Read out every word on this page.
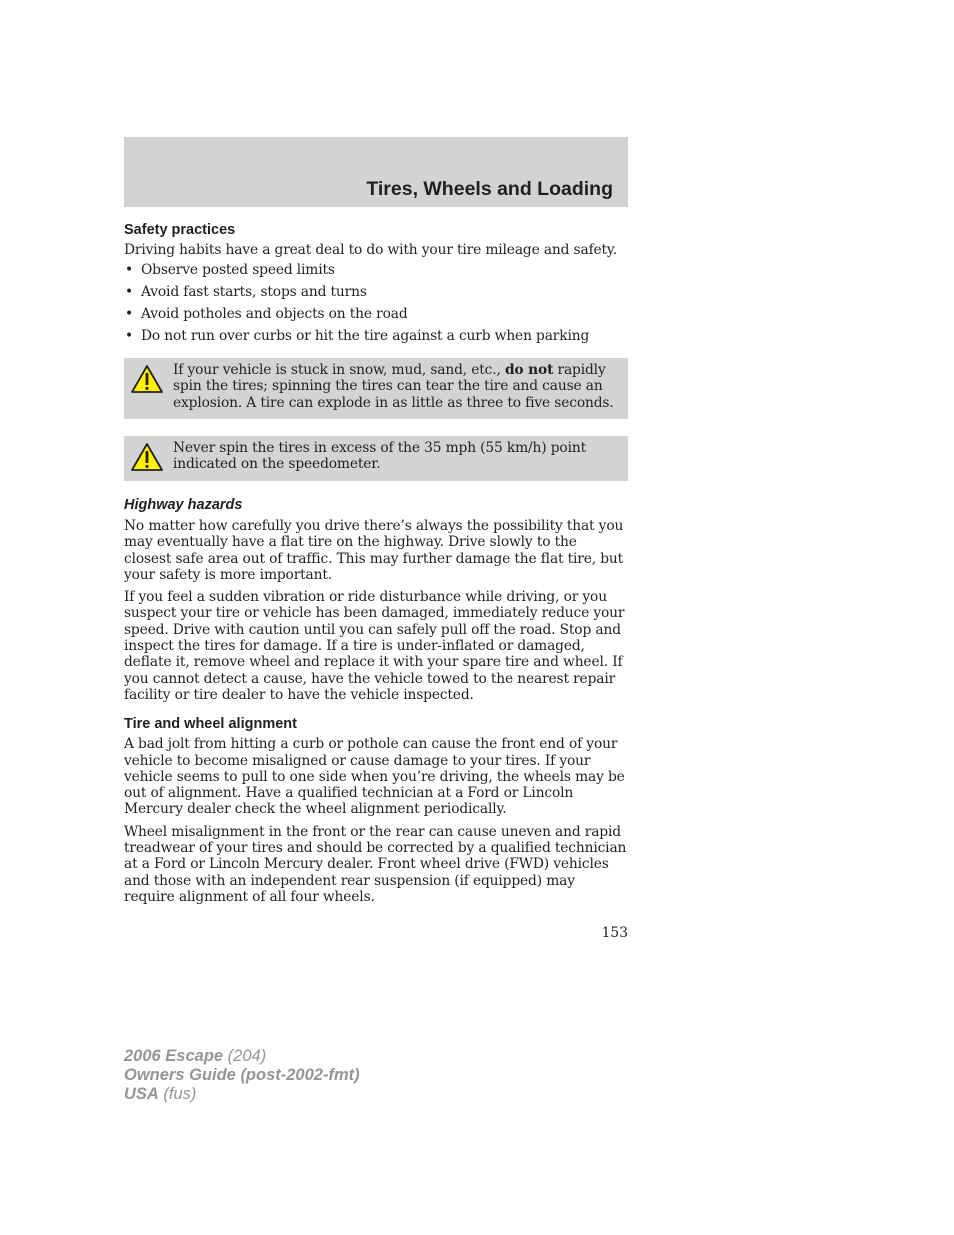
Tires, Wheels and Loading
Safety practices

Driving habits have a great deal to do with your tire mileage and safety.

• Observe posted speed limits
• Avoid fast starts, stops and turns
• Avoid potholes and objects on the road
• Do not run over curbs or hit the tire against a curb when parking

If your vehicle is stuck in snow, mud, sand, etc., do not rapidly spin the tires; spinning the tires can tear the tire and cause an explosion. A tire can explode in as little as three to five seconds.

Never spin the tires in excess of the 35 mph (55 km/h) point indicated on the speedometer.

Highway hazards

No matter how carefully you drive there’s always the possibility that you may eventually have a flat tire on the highway. Drive slowly to the closest safe area out of traffic. This may further damage the flat tire, but your safety is more important.

If you feel a sudden vibration or ride disturbance while driving, or you suspect your tire or vehicle has been damaged, immediately reduce your speed. Drive with caution until you can safely pull off the road. Stop and inspect the tires for damage. If a tire is under-inflated or damaged, deflate it, remove wheel and replace it with your spare tire and wheel. If you cannot detect a cause, have the vehicle towed to the nearest repair facility or tire dealer to have the vehicle inspected.

Tire and wheel alignment

A bad jolt from hitting a curb or pothole can cause the front end of your vehicle to become misaligned or cause damage to your tires. If your vehicle seems to pull to one side when you’re driving, the wheels may be out of alignment. Have a qualified technician at a Ford or Lincoln Mercury dealer check the wheel alignment periodically.

Wheel misalignment in the front or the rear can cause uneven and rapid treadwear of your tires and should be corrected by a qualified technician at a Ford or Lincoln Mercury dealer. Front wheel drive (FWD) vehicles and those with an independent rear suspension (if equipped) may require alignment of all four wheels.

153
2006 Escape (204)
Owners Guide (post-2002-fmt)
USA (fus)
